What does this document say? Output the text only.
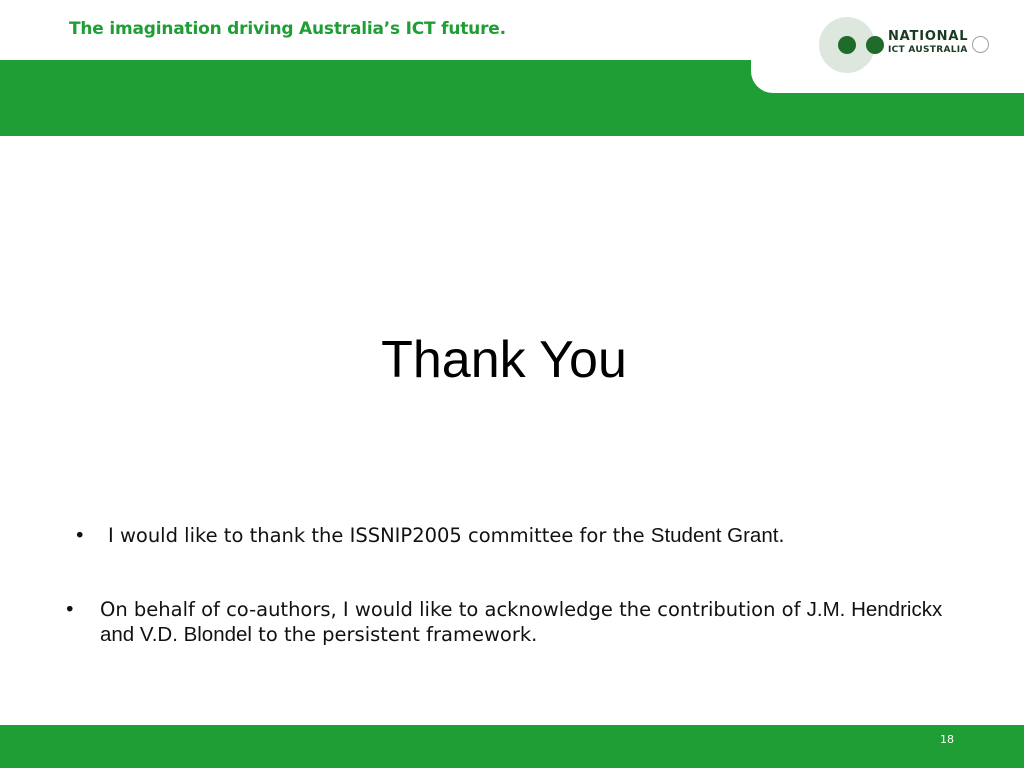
The imagination driving Australia’s ICT future.	NATIONAL
ICT AUSTRALIA
Thank You
• I would like to thank the ISSNIP2005 committee for the Student Grant.
• On behalf of co-authors, I would like to acknowledge the contribution of J.M. Hendrickx and V.D. Blondel to the persistent framework.
18
